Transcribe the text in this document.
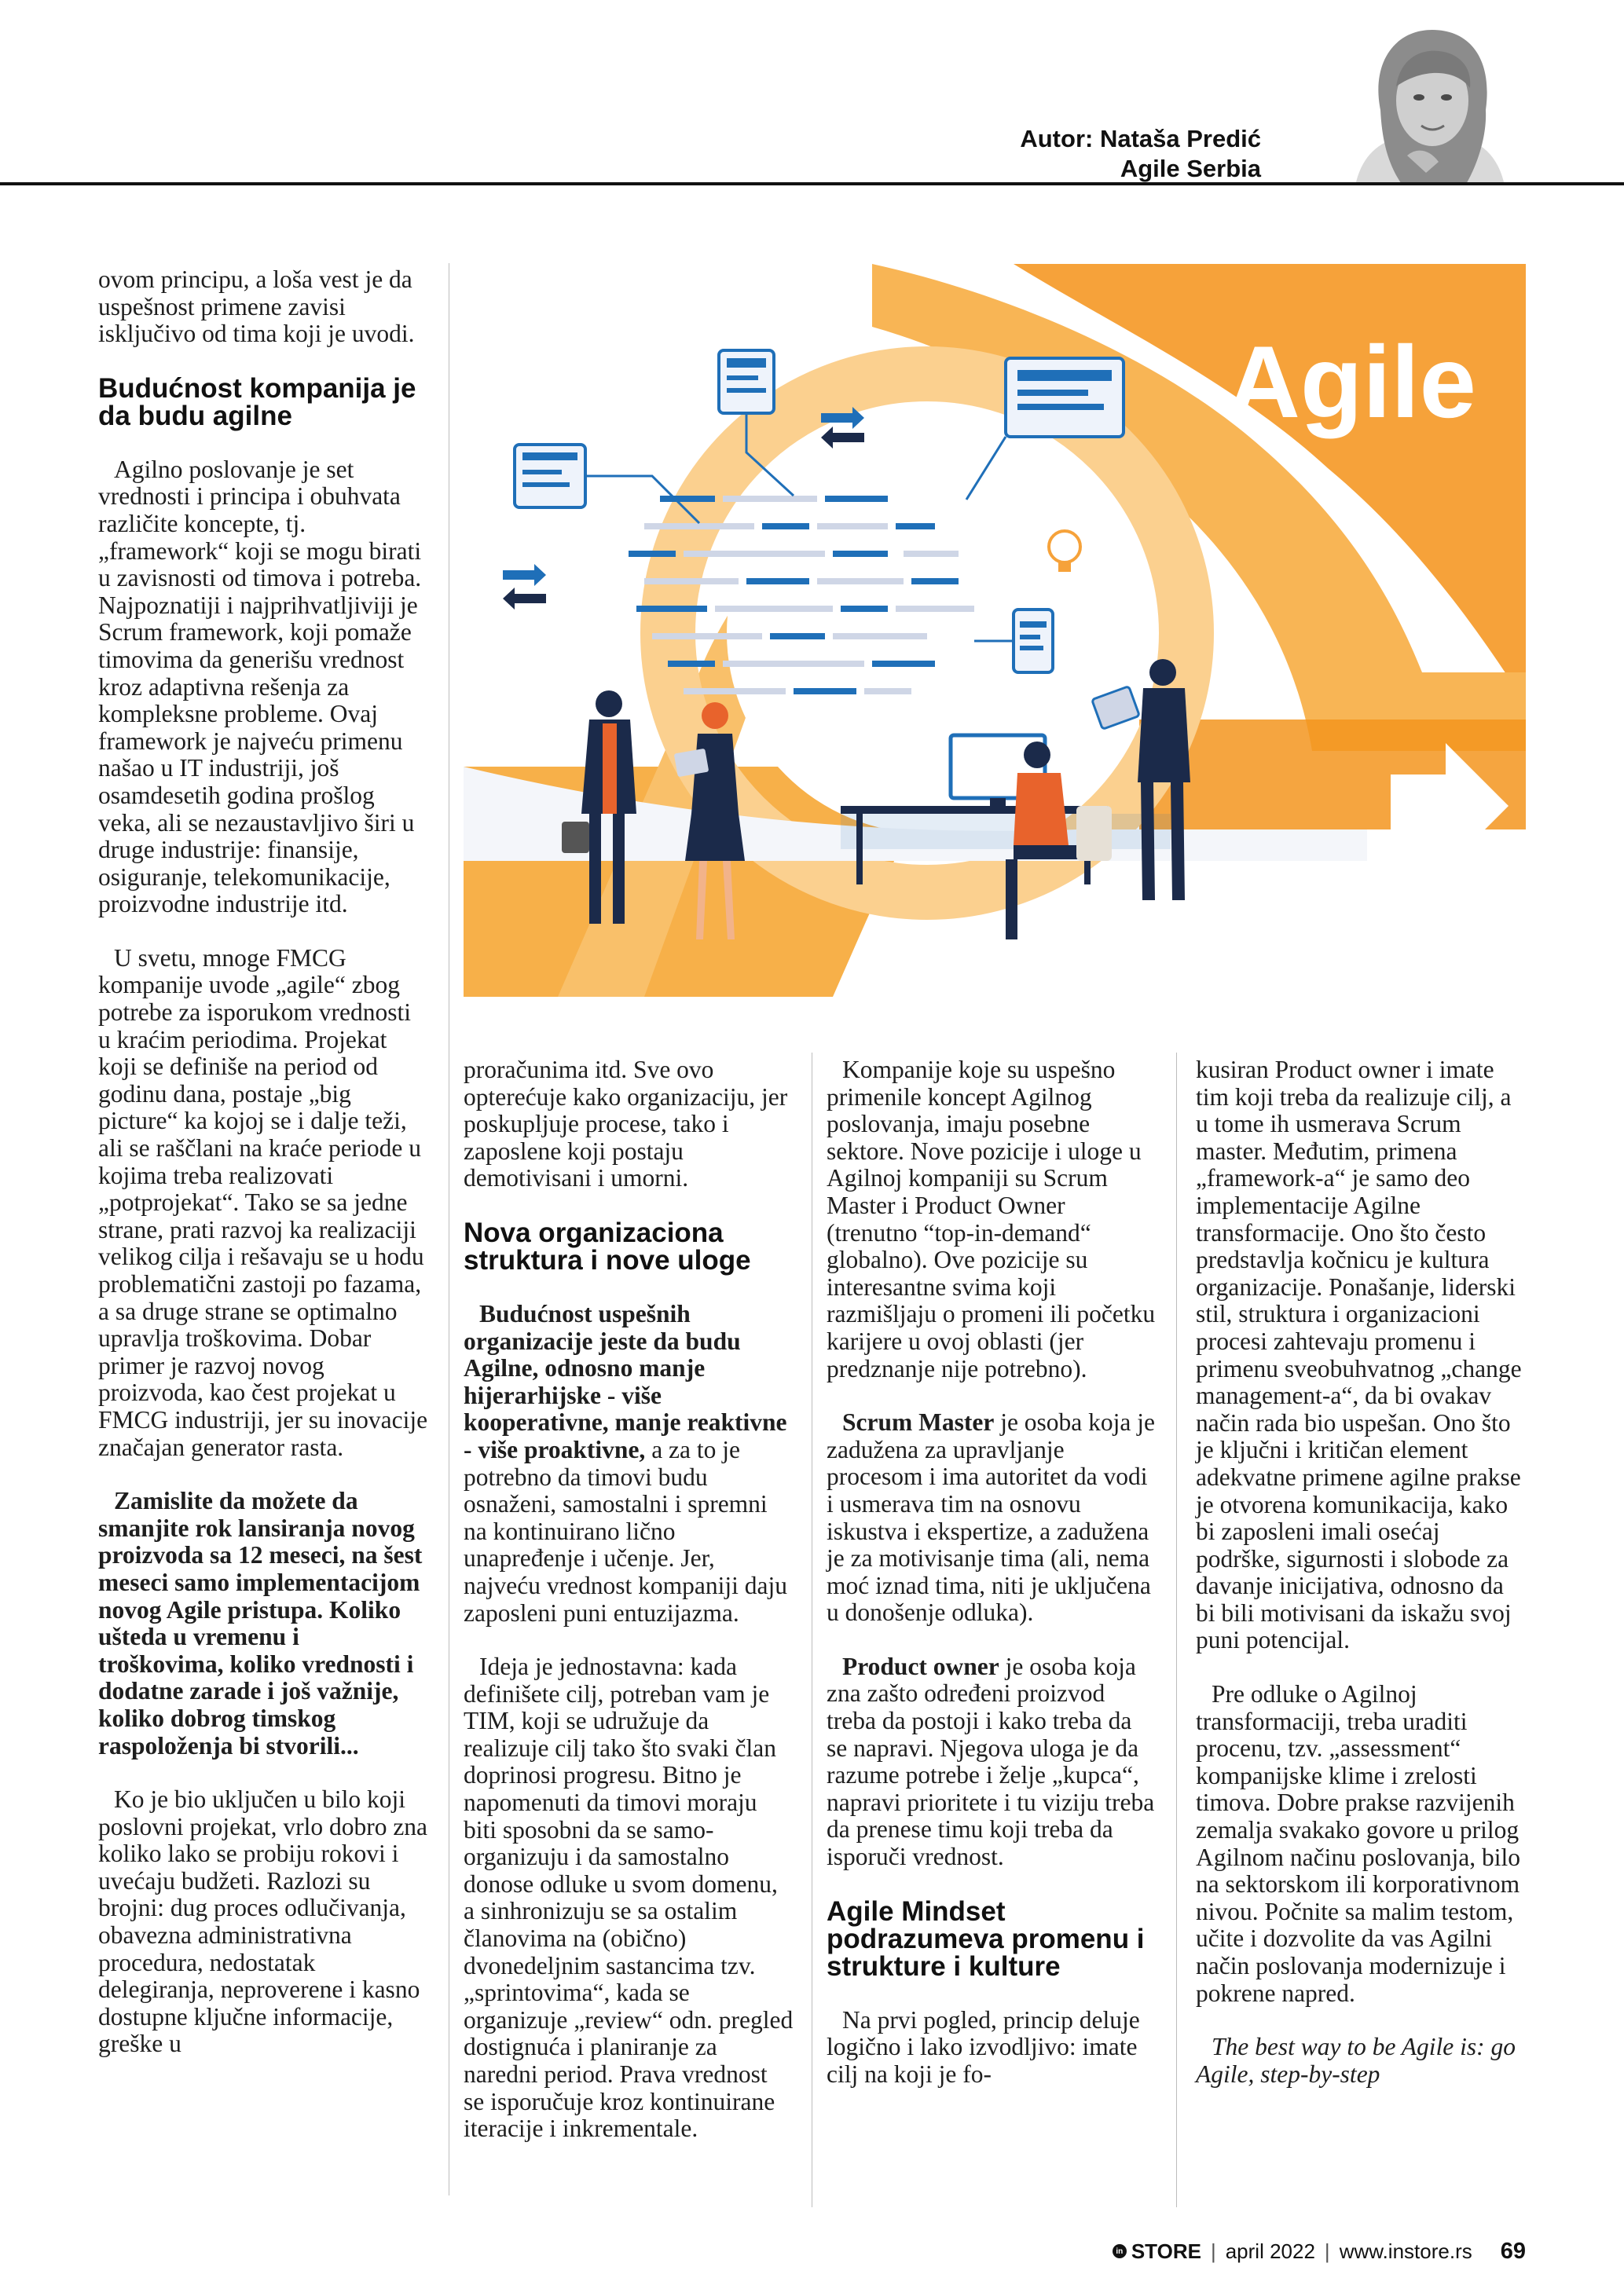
Autor: Nataša Predić
Agile Serbia

ovom principu, a loša vest je da uspešnost primene zavisi isključivo od tima koji je uvodi.

Budućnost kompanija je da budu agilne

Agilno poslovanje je set vrednosti i principa i obuhvata različite koncepte, tj. „framework“ koji se mogu birati u zavisnosti od timova i potreba. Najpoznatiji i najprihvatljiviji je Scrum framework, koji pomaže timovima da generišu vrednost kroz adaptivna rešenja za kompleksne probleme. Ovaj framework je najveću primenu našao u IT industriji, još osamdesetih godina prošlog veka, ali se nezaustavljivo širi u druge industrije: finansije, osiguranje, telekomunikacije, proizvodne industrije itd.

U svetu, mnoge FMCG kompanije uvode „agile“ zbog potrebe za isporukom vrednosti u kraćim periodima. Projekat koji se definiše na period od godinu dana, postaje „big picture“ ka kojoj se i dalje teži, ali se raščlani na kraće periode u kojima treba realizovati „potprojekat“. Tako se sa jedne strane, prati razvoj ka realizaciji velikog cilja i rešavaju se u hodu problematični zastoji po fazama, a sa druge strane se optimalno upravlja troškovima. Dobar primer je razvoj novog proizvoda, kao čest projekat u FMCG industriji, jer su inovacije značajan generator rasta.

Zamislite da možete da smanjite rok lansiranja novog proizvoda sa 12 meseci, na šest meseci samo implementacijom novog Agile pristupa. Koliko ušteda u vremenu i troškovima, koliko vrednosti i dodatne zarade i još važnije, koliko dobrog timskog raspoloženja bi stvorili...

Ko je bio uključen u bilo koji poslovni projekat, vrlo dobro zna koliko lako se probiju rokovi i uvećaju budžeti. Razlozi su brojni: dug proces odlučivanja, obavezna administrativna procedura, nedostatak delegiranja, neproverene i kasno dostupne ključne informacije, greške u

Agile

proračunima itd. Sve ovo opterećuje kako organizaciju, jer poskupljuje procese, tako i zaposlene koji postaju demotivisani i umorni.

Nova organizaciona struktura i nove uloge

Budućnost uspešnih organizacije jeste da budu Agilne, odnosno manje hijerarhijske - više kooperativne, manje reaktivne - više proaktivne, a za to je potrebno da timovi budu osnaženi, samostalni i spremni na kontinuirano lično unapređenje i učenje. Jer, najveću vrednost kompaniji daju zaposleni puni entuzijazma.

Ideja je jednostavna: kada definišete cilj, potreban vam je TIM, koji se udružuje da realizuje cilj tako što svaki član doprinosi progresu. Bitno je napomenuti da timovi moraju biti sposobni da se samo-organizuju i da samostalno donose odluke u svom domenu, a sinhronizuju se sa ostalim članovima na (obično) dvonedeljnim sastancima tzv. „sprintovima“, kada se organizuje „review“ odn. pregled dostignuća i planiranje za naredni period. Prava vrednost se isporučuje kroz kontinuirane iteracije i inkrementale.

Kompanije koje su uspešno primenile koncept Agilnog poslovanja, imaju posebne sektore. Nove pozicije i uloge u Agilnoj kompaniji su Scrum Master i Product Owner (trenutno “top-in-demand“ globalno). Ove pozicije su interesantne svima koji razmišljaju o promeni ili početku karijere u ovoj oblasti (jer predznanje nije potrebno).

Scrum Master je osoba koja je zadužena za upravljanje procesom i ima autoritet da vodi i usmerava tim na osnovu iskustva i ekspertize, a zadužena je za motivisanje tima (ali, nema moć iznad tima, niti je uključena u donošenje odluka).

Product owner je osoba koja zna zašto određeni proizvod treba da postoji i kako treba da se napravi. Njegova uloga je da razume potrebe i želje „kupca“, napravi prioritete i tu viziju treba da prenese timu koji treba da isporuči vrednost.

Agile Mindset podrazumeva promenu i strukture i kulture

Na prvi pogled, princip deluje logično i lako izvodljivo: imate cilj na koji je fo-

kusiran Product owner i imate tim koji treba da realizuje cilj, a u tome ih usmerava Scrum master. Međutim, primena „framework-a“ je samo deo implementacije Agilne transformacije. Ono što često predstavlja kočnicu je kultura organizacije. Ponašanje, liderski stil, struktura i organizacioni procesi zahtevaju promenu i primenu sveobuhvatnog „change management-a“, da bi ovakav način rada bio uspešan. Ono što je ključni i kritičan element adekvatne primene agilne prakse je otvorena komunikacija, kako bi zaposleni imali osećaj podrške, sigurnosti i slobode za davanje inicijativa, odnosno da bi bili motivisani da iskažu svoj puni potencijal.

Pre odluke o Agilnoj transformaciji, treba uraditi procenu, tzv. „assessment“ kompanijske klime i zrelosti timova. Dobre prakse razvijenih zemalja svakako govore u prilog Agilnom načinu poslovanja, bilo na sektorskom ili korporativnom nivou. Počnite sa malim testom, učite i dozvolite da vas Agilni način poslovanja modernizuje i pokrene napred.

The best way to be Agile is: go Agile, step-by-step

in STORE | april 2022 | www.instore.rs 69
